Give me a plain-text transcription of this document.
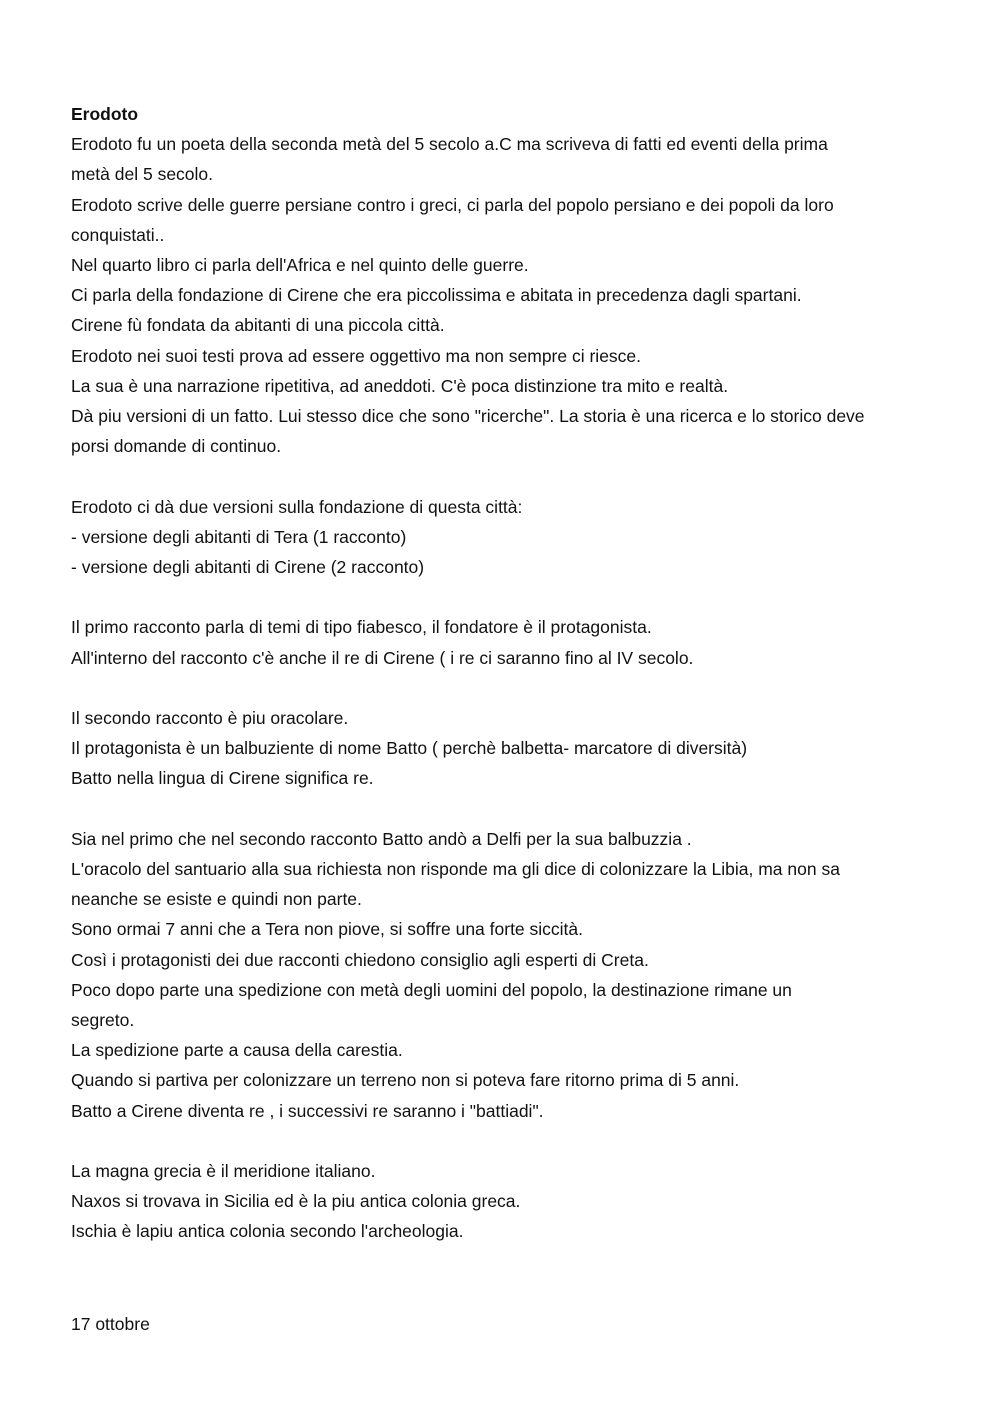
Erodoto
Erodoto fu un poeta della seconda metà del 5 secolo a.C ma scriveva di fatti ed eventi della prima
metà del 5 secolo.
Erodoto scrive delle guerre persiane contro i greci, ci parla del popolo persiano e dei popoli da loro
conquistati..
Nel quarto libro ci parla dell'Africa e nel quinto delle guerre.
Ci parla della fondazione di Cirene che era piccolissima e abitata in precedenza dagli spartani.
Cirene fù fondata da abitanti di una piccola città.
Erodoto nei suoi testi prova ad essere oggettivo ma non sempre ci riesce.
La sua è una narrazione ripetitiva, ad aneddoti. C'è poca distinzione tra mito e realtà.
Dà piu versioni di un fatto. Lui stesso dice che sono "ricerche". La storia è una ricerca e lo storico deve
porsi domande di continuo.
Erodoto ci dà due versioni sulla fondazione di questa città:
- versione degli abitanti di Tera (1 racconto)
- versione degli abitanti di Cirene (2 racconto)
Il primo racconto parla di temi di tipo fiabesco, il fondatore è il protagonista.
All'interno del racconto c'è anche il re di Cirene ( i re ci saranno fino al IV secolo.
Il secondo racconto è piu oracolare.
Il protagonista è un balbuziente di nome Batto ( perchè balbetta- marcatore di diversità)
Batto nella lingua di Cirene significa re.
Sia nel primo che nel secondo racconto Batto andò a Delfi per la sua balbuzzia .
L'oracolo del santuario alla sua richiesta non risponde ma gli dice di colonizzare la Libia, ma non sa
neanche se esiste e quindi non parte.
Sono ormai 7 anni che a Tera non piove, si soffre una forte siccità.
Così i protagonisti dei due racconti chiedono consiglio agli esperti di Creta.
Poco dopo parte una spedizione con metà degli uomini del popolo, la destinazione rimane un
segreto.
La spedizione parte a causa della carestia.
Quando si partiva per colonizzare un terreno non si poteva fare ritorno prima di 5 anni.
Batto a Cirene diventa re , i successivi re saranno i "battiadi".
La magna grecia è il meridione italiano.
Naxos si trovava in Sicilia ed è la piu antica colonia greca.
Ischia è lapiu antica colonia secondo l'archeologia.
17 ottobre
